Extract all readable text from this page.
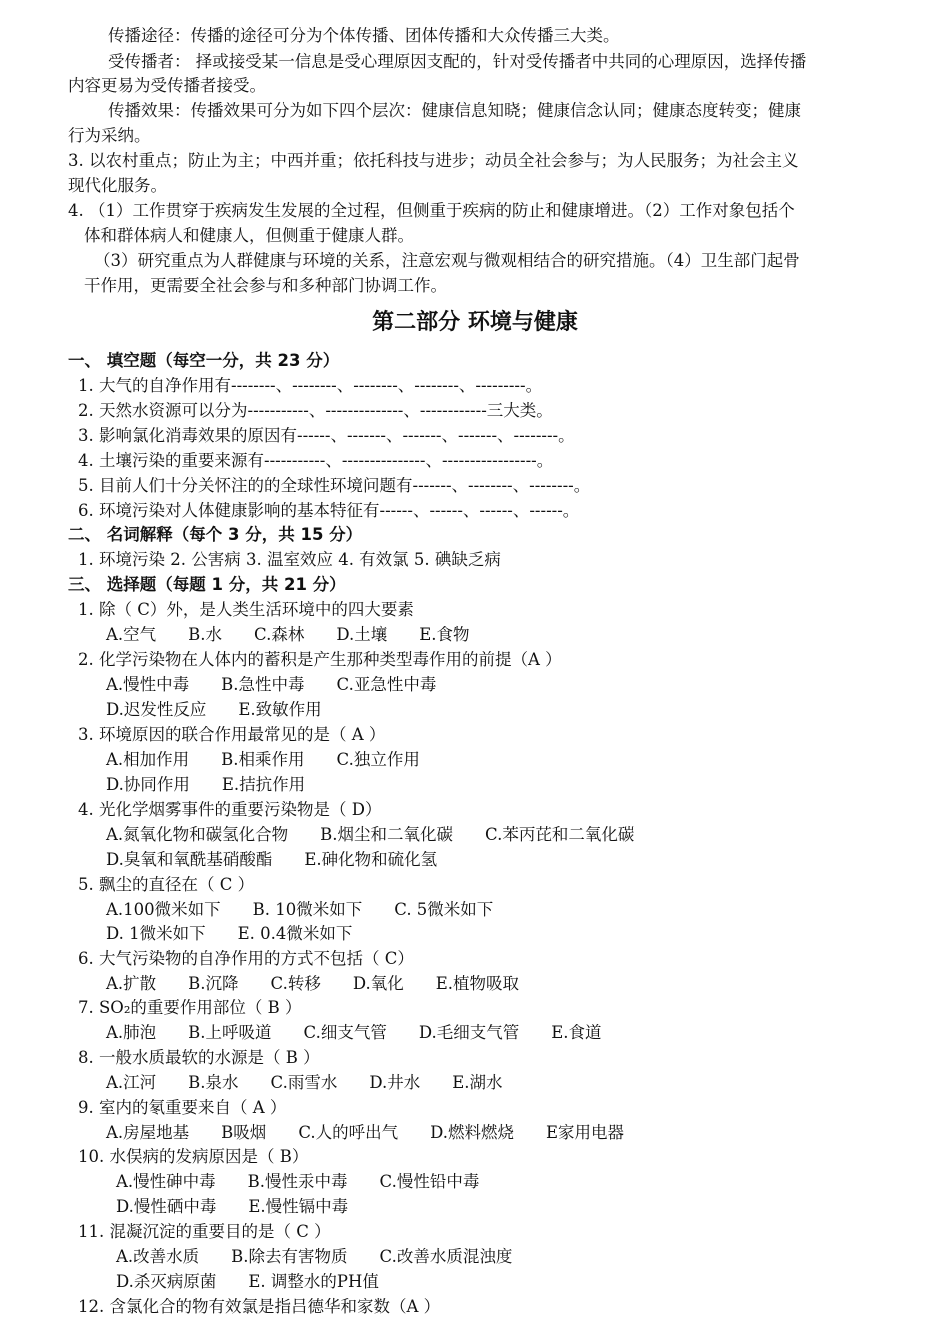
传播途径：传播的途径可分为个体传播、团体传播和大众传播三大类。
受传播者： 择或接受某一信息是受心理原因支配的，针对受传播者中共同的心理原因，选择传播
内容更易为受传播者接受。
传播效果：传播效果可分为如下四个层次：健康信息知晓；健康信念认同；健康态度转变；健康
行为采纳。
3. 以农村重点；防止为主；中西并重；依托科技与进步；动员全社会参与；为人民服务；为社会主义
现代化服务。
4. （1）工作贯穿于疾病发生发展的全过程，但侧重于疾病的防止和健康增进。（2）工作对象包括个
体和群体病人和健康人，但侧重于健康人群。
（3）研究重点为人群健康与环境的关系，注意宏观与微观相结合的研究措施。（4）卫生部门起骨
干作用，更需要全社会参与和多种部门协调工作。
第二部分 环境与健康
一、 填空题（每空一分，共 23 分）
1. 大气的自净作用有--------、--------、--------、--------、---------。
2. 天然水资源可以分为-----------、--------------、------------三大类。
3. 影响氯化消毒效果的原因有------、-------、-------、-------、--------。
4. 土壤污染的重要来源有-----------、---------------、-----------------。
5. 目前人们十分关怀注的的全球性环境问题有-------、--------、--------。
6. 环境污染对人体健康影响的基本特征有------、------、------、------。
二、 名词解释（每个 3 分，共 15 分）
1. 环境污染 2. 公害病 3. 温室效应 4. 有效氯 5. 碘缺乏病
三、 选择题（每题 1 分，共 21 分）
1. 除（ C）外，是人类生活环境中的四大要素
A.空气 B.水 C.森林 D.土壤 E.食物
2. 化学污染物在人体内的蓄积是产生那种类型毒作用的前提（A ）
A.慢性中毒 B.急性中毒 C.亚急性中毒
D.迟发性反应 E.致敏作用
3. 环境原因的联合作用最常见的是（ A ）
A.相加作用 B.相乘作用 C.独立作用
D.协同作用 E.拮抗作用
4. 光化学烟雾事件的重要污染物是（ D）
A.氮氧化物和碳氢化合物 B.烟尘和二氧化碳 C.苯丙芘和二氧化碳
D.臭氧和氧酰基硝酸酯 E.砷化物和硫化氢
5. 飘尘的直径在（ C ）
A.100微米如下 B. 10微米如下 C. 5微米如下
D. 1微米如下 E. 0.4微米如下
6. 大气污染物的自净作用的方式不包括（ C）
A.扩散 B.沉降 C.转移 D.氧化 E.植物吸取
7. SO₂的重要作用部位（ B ）
A.肺泡 B.上呼吸道 C.细支气管 D.毛细支气管 E.食道
8. 一般水质最软的水源是（ B ）
A.江河 B.泉水 C.雨雪水 D.井水 E.湖水
9. 室内的氡重要来自（ A ）
A.房屋地基 B吸烟 C.人的呼出气 D.燃料燃烧 E家用电器
10. 水俣病的发病原因是（ B）
A.慢性砷中毒 B.慢性汞中毒 C.慢性铅中毒
D.慢性硒中毒 E.慢性镉中毒
11. 混凝沉淀的重要目的是（ C ）
A.改善水质 B.除去有害物质 C.改善水质混浊度
D.杀灭病原菌 E. 调整水的PH值
12. 含氯化合的物有效氯是指吕德华和家数（A ）
